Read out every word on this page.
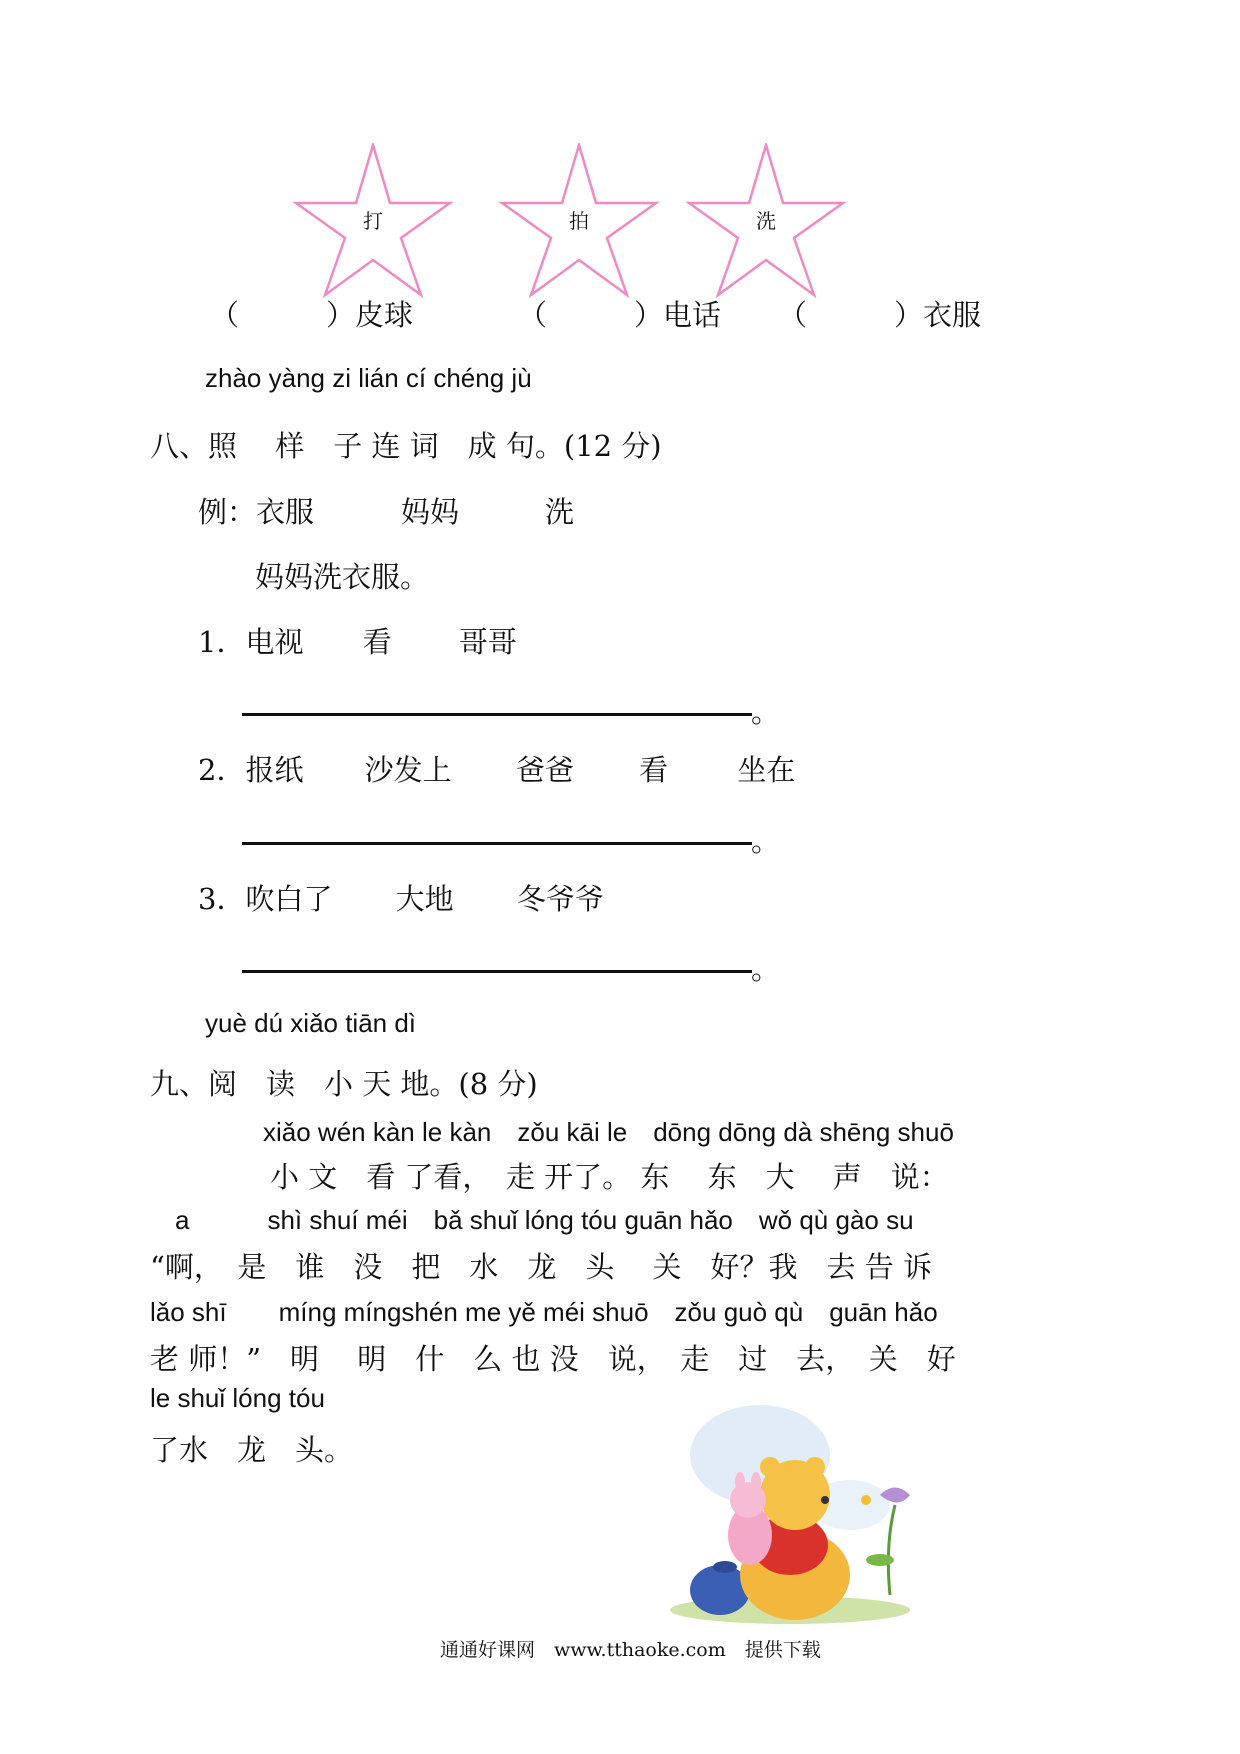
打	拍	洗
（　　　）皮球	（　　　）电话 （　　　）衣服
zhào yàng zi lián cí chéng jù
八、照　 样　子 连 词　成 句。(12 分)
例：衣服	妈妈	洗
妈妈洗衣服。
1．电视 看 哥哥
。
2．报纸 沙发上 爸爸 看 坐在
。
3．吹白了 大地 冬爷爷
。
yuè dú xiǎo tiān dì
九、阅　读　小 天 地。(8 分)
xiǎo wén kàn le kàn　zǒu kāi le　dōng dōng dà shēng shuō
小 文　看 了看，　走 开了。 东　 东　大　 声　说：
a　　　shì shuí méi　bǎ shuǐ lóng tóu guān hǎo　wǒ qù gào su
“啊，　是　谁　没　把　水　龙　头　 关　好？我　去 告 诉
lǎo shī　　míng míngshén me yě méi shuō　zǒu guò qù　guān hǎo
老 师！”　明　 明　什　么 也 没　说，　走　过　去，　关　好
le shuǐ lóng tóu
了水　龙　头。
通通好课网　www.tthaoke.com　提供下载
